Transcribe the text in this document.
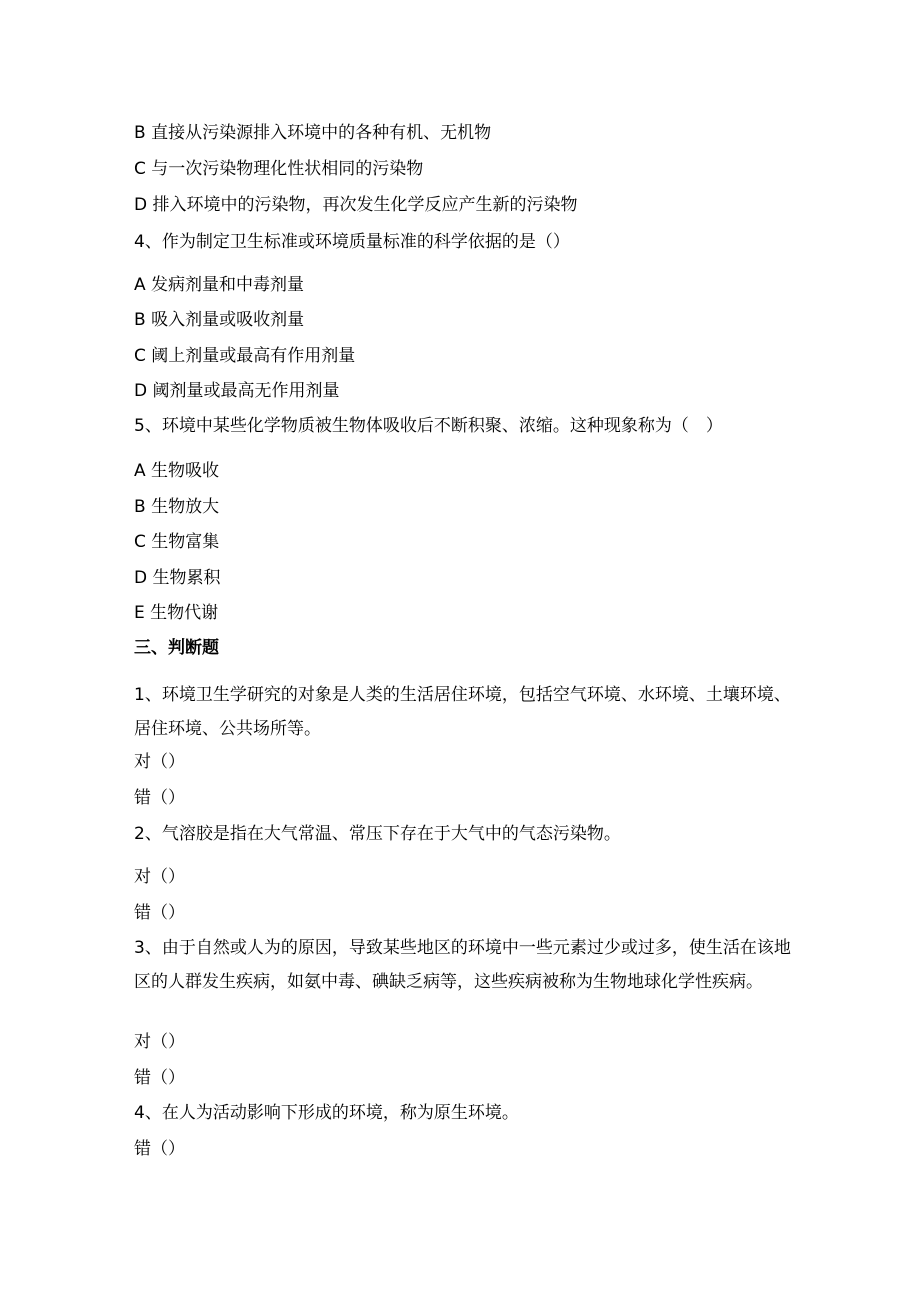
B 直接从污染源排入环境中的各种有机、无机物
C 与一次污染物理化性状相同的污染物
D 排入环境中的污染物，再次发生化学反应产生新的污染物
4、作为制定卫生标准或环境质量标准的科学依据的是（）
A 发病剂量和中毒剂量
B 吸入剂量或吸收剂量
C 阈上剂量或最高有作用剂量
D 阈剂量或最高无作用剂量
5、环境中某些化学物质被生物体吸收后不断积聚、浓缩。这种现象称为（　）
A 生物吸收
B 生物放大
C 生物富集
D 生物累积
E 生物代谢
三、判断题
1、环境卫生学研究的对象是人类的生活居住环境，包括空气环境、水环境、土壤环境、居住环境、公共场所等。
对（）
错（）
2、气溶胶是指在大气常温、常压下存在于大气中的气态污染物。
对（）
错（）
3、由于自然或人为的原因，导致某些地区的环境中一些元素过少或过多，使生活在该地区的人群发生疾病，如氨中毒、碘缺乏病等，这些疾病被称为生物地球化学性疾病。
对（）
错（）
4、在人为活动影响下形成的环境，称为原生环境。
错（）
